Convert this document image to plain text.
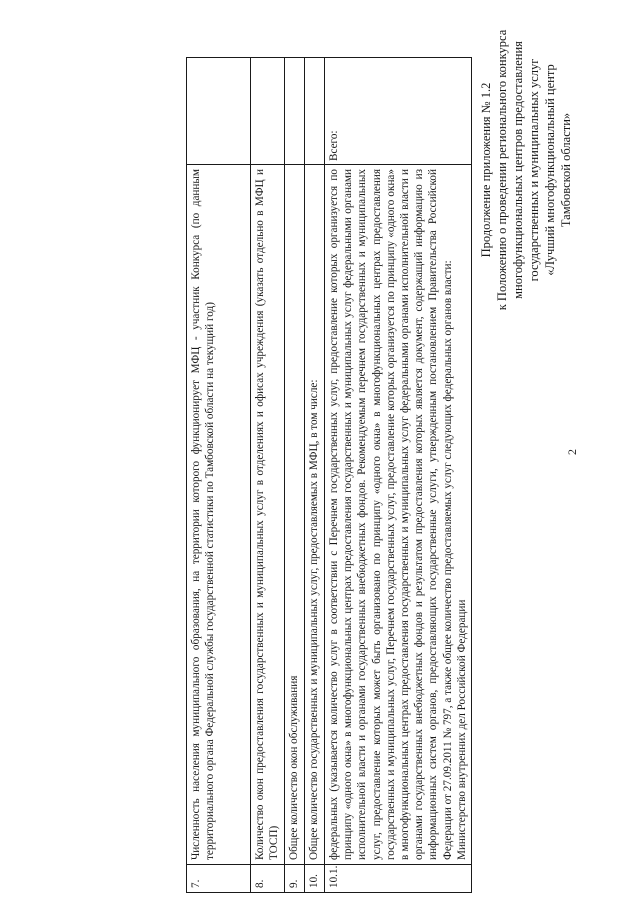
2
Продолжение приложения № 1.2 к Положению о проведении регионального конкурса многофункциональных центров предоставления государственных и муниципальных услуг «Лучший многофункциональный центр Тамбовской области»
7.	Численность населения муниципального образования, на территории которого функционирует МФЦ - участник Конкурса (по данным территориального органа Федеральной службы государственной статистики по Тамбовской области на текущий год)	
8.	Количество окон предоставления государственных и муниципальных услуг в отделениях и офисах учреждения (указать отдельно в МФЦ и ТОСП)	
9.	Общее количество окон обслуживания	
10.	Общее количество государственных и муниципальных услуг, предоставляемых в МФЦ, в том числе:	
10.1.	федеральных (указывается количество услуг в соответствии с Перечнем государственных услуг, предоставление которых организуется по принципу «одного окна» в многофункциональных центрах предоставления государственных и муниципальных услуг федеральными органами исполнительной власти и органами государственных внебюджетных фондов. Рекомендуемым перечнем государственных и муниципальных услуг, предоставление которых может быть организовано по принципу «одного окна» в многофункциональных центрах предоставления государственных и муниципальных услуг, Перечнем государственных услуг, предоставление которых организуется по принципу «одного окна» в многофункциональных центрах предоставления государственных и муниципальных услуг федеральными органами исполнительной власти и органами государственных внебюджетных фондов и результатом предоставления которых является документ, содержащий информацию из информационных систем органов, предоставляющих государственные услуги, утвержденным постановлением Правительства Российской Федерации от 27.09.2011 № 797, а также общее количество предоставляемых услуг следующих федеральных органов власти: Министерство внутренних дел Российской Федерации	Всего:
